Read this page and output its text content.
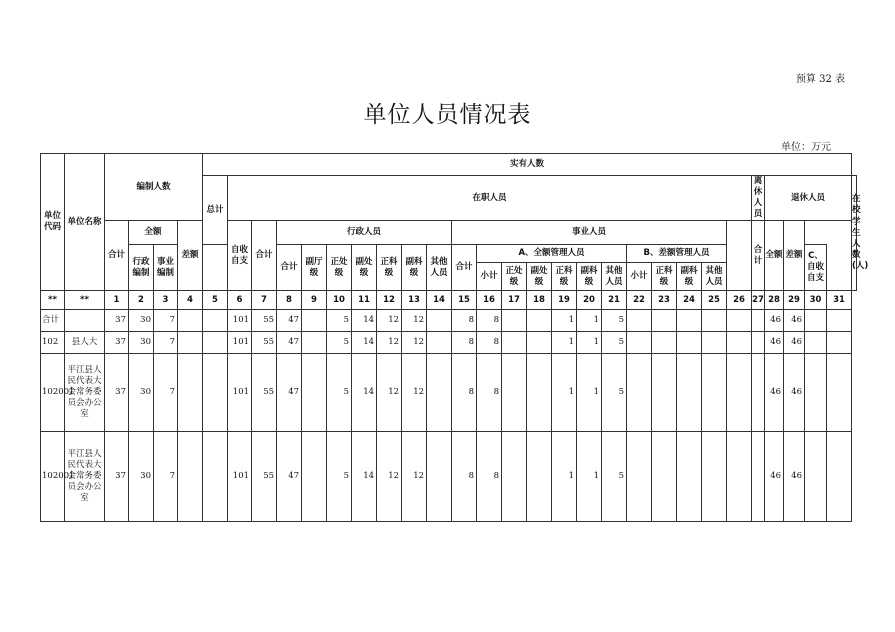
预算 32 表
单位人员情况表
单位：万元
单位代码	单位名称	编制人数				实有人数																											
						总计	在职人员																					离休人员	退休人员				在校学生人数(人)
		合计	全额		差额		自收自支	合计	行政人员							事业人员												合计	全额	差额			
			行政编制	事业编制					合计	副厅级	正处级	副处级	正科级	副科级	其他人员	合计	A、全额管理人员						B、差额管理人员								C、自收自支		
																	小计	正处级	副处级	正科级	副科级	其他人员	小计	正科级	副科级	其他人员							
**	**	1	2	3	4	5	6	7	8	9	10	11	12	13	14	15	16	17	18	19	20	21	22	23	24	25	26	27	28	29	30	31	
合计		37	30	7			101	55	47		5	14	12	12		8	8			1	1	5							46	46			
102	县人大	37	30	7			101	55	47		5	14	12	12		8	8			1	1	5							46	46			
102001	平江县人民代表大会常务委员会办公室	37	30	7			101	55	47		5	14	12	12		8	8			1	1	5							46	46			
102001	平江县人民代表大会常务委员会办公室	37	30	7			101	55	47		5	14	12	12		8	8			1	1	5							46	46			
